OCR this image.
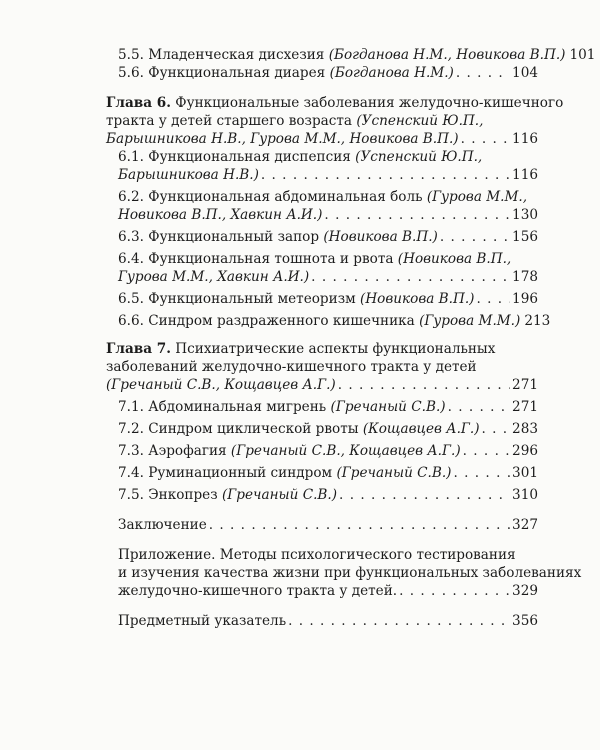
5.5. Младенческая дисхезия (Богданова Н.М., Новикова В.П.) 101
5.6. Функциональная диарея (Богданова Н.М.) . . .	104
Глава 6. Функциональные заболевания желудочно-кишечного
тракта у детей старшего возраста (Успенский Ю.П.,
Барышникова Н.В., Гурова М.М., Новикова В.П.) . . .	116
6.1. Функциональная диспепсия (Успенский Ю.П.,
Барышникова Н.В.) . . .	116
6.2. Функциональная абдоминальная боль (Гурова М.М.,
Новикова В.П., Хавкин А.И.) . . .	130
6.3. Функциональный запор (Новикова В.П.) . . .	156
6.4. Функциональная тошнота и рвота (Новикова В.П.,
Гурова М.М., Хавкин А.И.) . . .	178
6.5. Функциональный метеоризм (Новикова В.П.) . . .	196
6.6. Синдром раздраженного кишечника (Гурова М.М.) 213
Глава 7. Психиатрические аспекты функциональных
заболеваний желудочно-кишечного тракта у детей
(Гречаный С.В., Кощавцев А.Г.) . . .	271
7.1. Абдоминальная мигрень (Гречаный С.В.) . . .	271
7.2. Синдром циклической рвоты (Кощавцев А.Г.) . . . 283
7.3. Аэрофагия (Гречаный С.В., Кощавцев А.Г.) . . .	296
7.4. Руминационный синдром (Гречаный С.В.) . . .	301
7.5. Энкопрез (Гречаный С.В.) . . .	310
Заключение . . .	327
Приложение. Методы психологического тестирования
и изучения качества жизни при функциональных заболеваниях
желудочно-кишечного тракта у детей. . . .	329
Предметный указатель . . .	356
